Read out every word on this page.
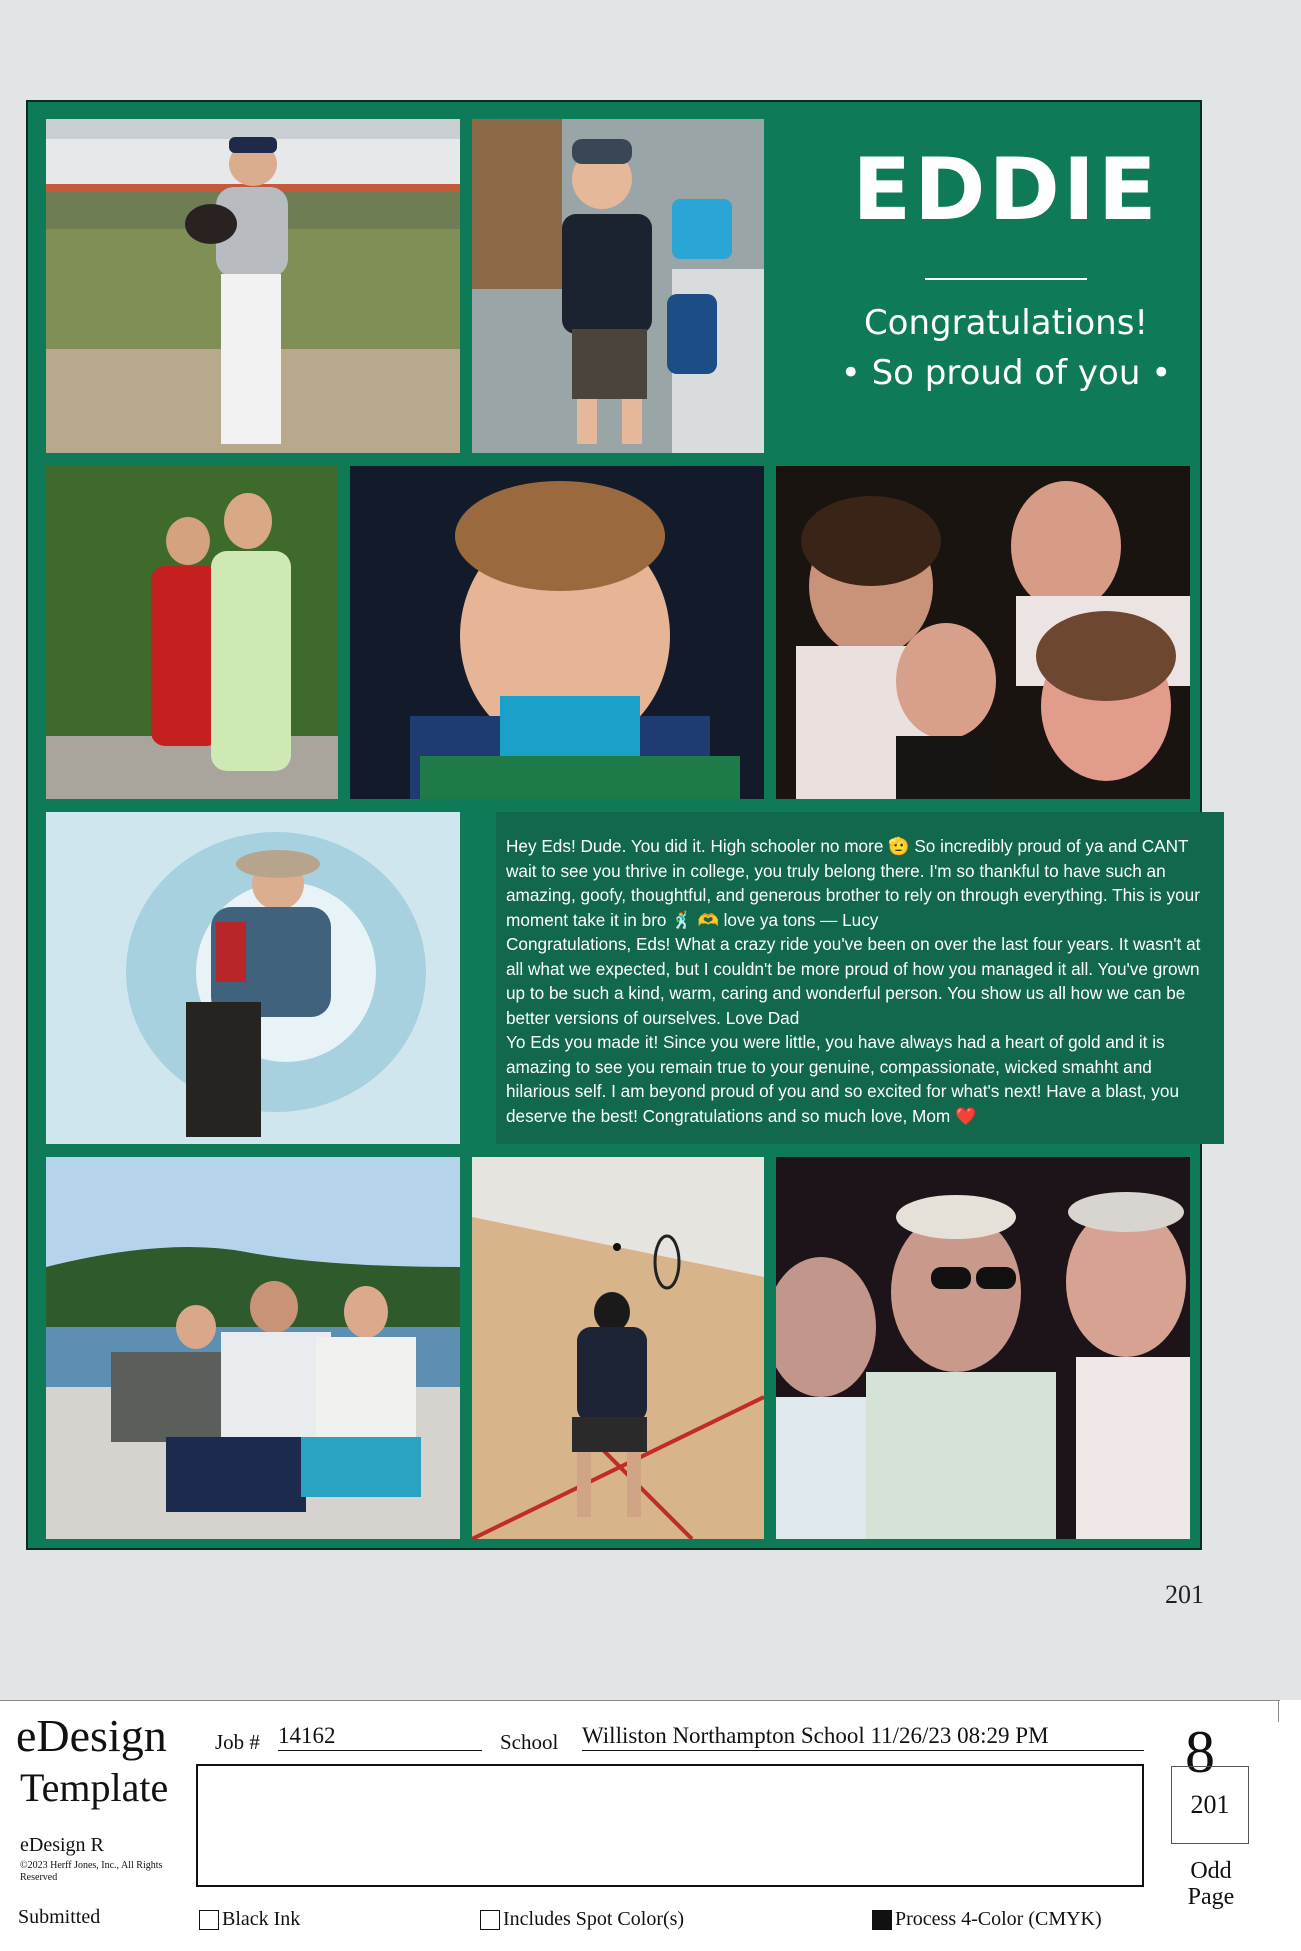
EDDIE
Congratulations!
• So proud of you •

Hey Eds! Dude. You did it. High schooler no more 🫡 So incredibly proud of ya and CANT wait to see you thrive in college, you truly belong there. I'm so thankful to have such an amazing, goofy, thoughtful, and generous brother to rely on through everything. This is your moment take it in bro 🕺 🫶 love ya tons — Lucy

Congratulations, Eds! What a crazy ride you've been on over the last four years. It wasn't at all what we expected, but I couldn't be more proud of how you managed it all. You've grown up to be such a kind, warm, caring and wonderful person. You show us all how we can be better versions of ourselves. Love Dad

Yo Eds you made it! Since you were little, you have always had a heart of gold and it is amazing to see you remain true to your genuine, compassionate, wicked smahht and hilarious self. I am beyond proud of you and so excited for what's next! Have a blast, you deserve the best! Congratulations and so much love, Mom ❤️

201
eDesign
Template
eDesign R
©2023 Herff Jones, Inc., All Rights Reserved
Submitted
Job # 14162	School Williston Northampton School 11/26/23 08:29 PM	8
201
Odd Page
Black Ink	Includes Spot Color(s)	Process 4-Color (CMYK)
